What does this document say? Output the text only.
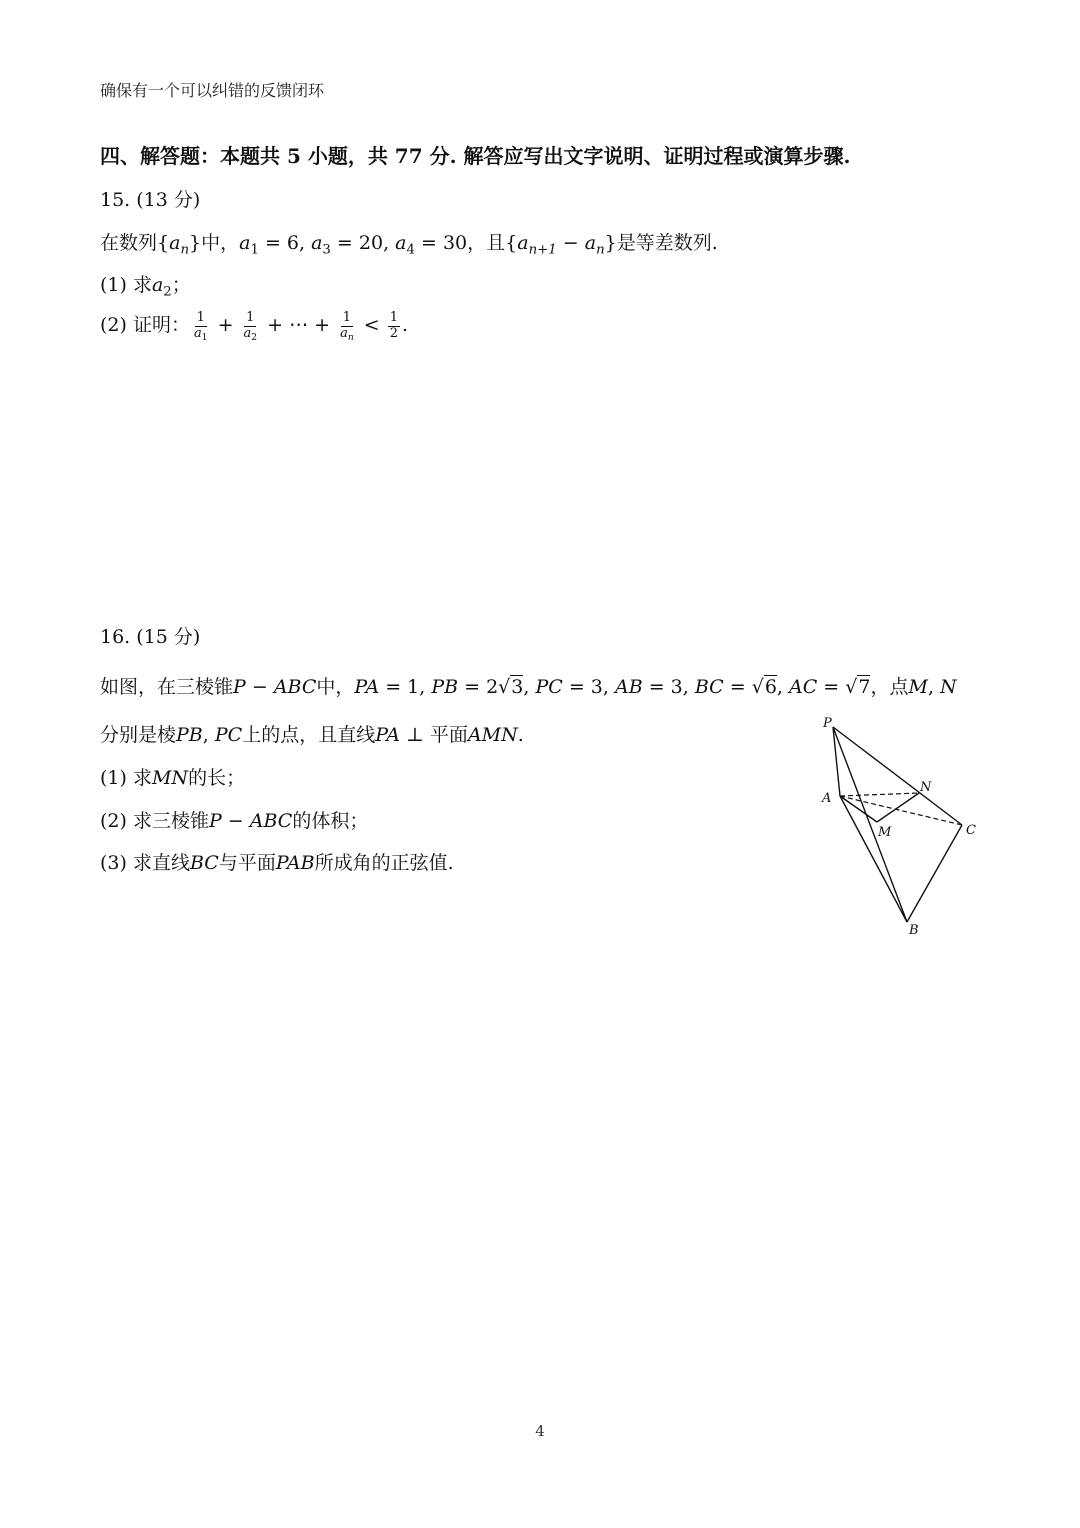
确保有一个可以纠错的反馈闭环
四、解答题：本题共 5 小题，共 77 分. 解答应写出文字说明、证明过程或演算步骤.
15. (13 分)
在数列$\{a_n\}$中，$a_1 = 6$, $a_3 = 20$, $a_4 = 30$，且$\{a_{n+1} - a_n\}$是等差数列.
(1) 求$a_2$；
(2) 证明： $\frac{1}{a_1} + \frac{1}{a_2}$ + ⋯ + $\frac{1}{a_n} < \frac{1}{2}$ .
16. (15 分)
如图，在三棱锥P − ABC中，PA = 1, PB = 2√3, PC = 3, AB = 3, BC = √6, AC = √7，点M, N
分别是棱PB, PC上的点，且直线PA ⊥ 平面AMN.
(1) 求MN的长；
(2) 求三棱锥P − ABC的体积；
(3) 求直线BC与平面PAB所成角的正弦值.
P
A
N
M	C
B
4
